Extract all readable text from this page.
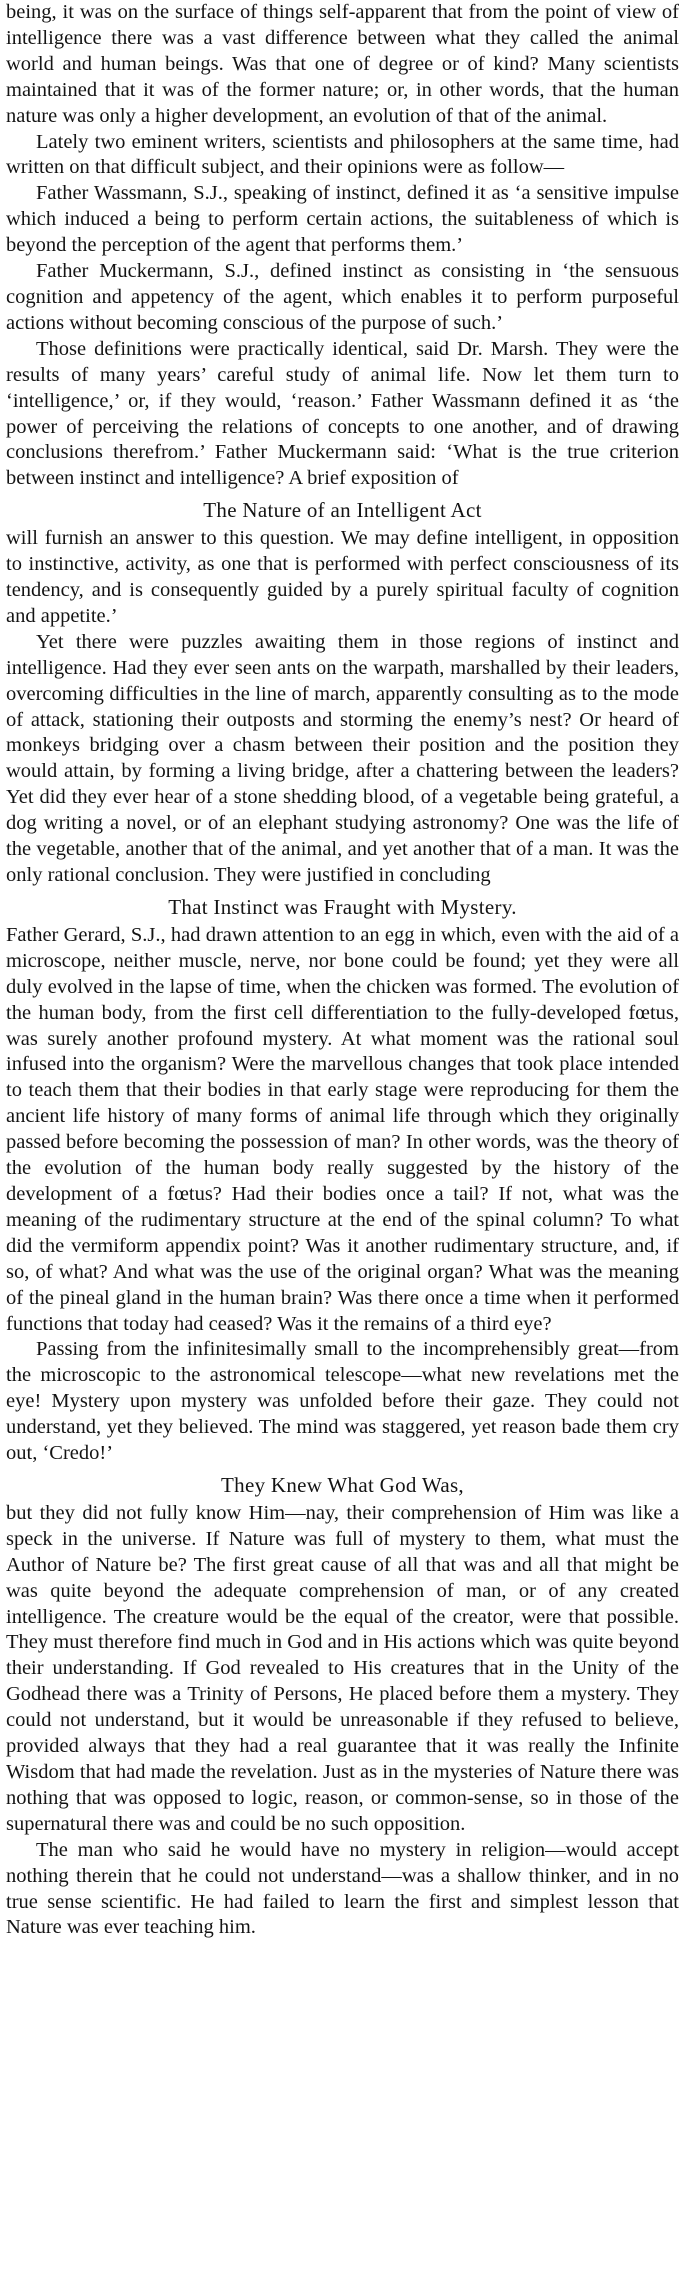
being, it was on the surface of things self-apparent that from the point of view of intelligence there was a vast difference between what they called the animal world and human beings. Was that one of degree or of kind? Many scientists maintained that it was of the former nature; or, in other words, that the human nature was only a higher development, an evolution of that of the animal.

Lately two eminent writers, scientists and philosophers at the same time, had written on that difficult subject, and their opinions were as follow—

Father Wassmann, S.J., speaking of instinct, defined it as ‘a sensitive impulse which induced a being to perform certain actions, the suitableness of which is beyond the perception of the agent that performs them.’

Father Muckermann, S.J., defined instinct as consisting in ‘the sensuous cognition and appetency of the agent, which enables it to perform purposeful actions without becoming conscious of the purpose of such.’

Those definitions were practically identical, said Dr. Marsh. They were the results of many years’ careful study of animal life. Now let them turn to ‘intelligence,’ or, if they would, ‘reason.’ Father Wassmann defined it as ‘the power of perceiving the relations of concepts to one another, and of drawing conclusions therefrom.’ Father Muckermann said: ‘What is the true criterion between instinct and intelligence? A brief exposition of

The Nature of an Intelligent Act

will furnish an answer to this question. We may define intelligent, in opposition to instinctive, activity, as one that is performed with perfect consciousness of its tendency, and is consequently guided by a purely spiritual faculty of cognition and appetite.’

Yet there were puzzles awaiting them in those regions of instinct and intelligence. Had they ever seen ants on the warpath, marshalled by their leaders, overcoming difficulties in the line of march, apparently consulting as to the mode of attack, stationing their outposts and storming the enemy’s nest? Or heard of monkeys bridging over a chasm between their position and the position they would attain, by forming a living bridge, after a chattering between the leaders? Yet did they ever hear of a stone shedding blood, of a vegetable being grateful, a dog writing a novel, or of an elephant studying astronomy? One was the life of the vegetable, another that of the animal, and yet another that of a man. It was the only rational conclusion. They were justified in concluding

That Instinct was Fraught with Mystery.

Father Gerard, S.J., had drawn attention to an egg in which, even with the aid of a microscope, neither muscle, nerve, nor bone could be found; yet they were all duly evolved in the lapse of time, when the chicken was formed. The evolution of the human body, from the first cell differentiation to the fully-developed fœtus, was surely another profound mystery. At what moment was the rational soul infused into the organism? Were the marvellous changes that took place intended to teach them that their bodies in that early stage were reproducing for them the ancient life history of many forms of animal life through which they originally passed before becoming the possession of man? In other words, was the theory of the evolution of the human body really suggested by the history of the development of a fœtus? Had their bodies once a tail? If not, what was the meaning of the rudimentary structure at the end of the spinal column? To what did the vermiform appendix point? Was it another rudimentary structure, and, if so, of what? And what was the use of the original organ? What was the meaning of the pineal gland in the human brain? Was there once a time when it performed functions that today had ceased? Was it the remains of a third eye?

Passing from the infinitesimally small to the incomprehensibly great—from the microscopic to the astronomical telescope—what new revelations met the eye! Mystery upon mystery was unfolded before their gaze. They could not understand, yet they believed. The mind was staggered, yet reason bade them cry out, ‘Credo!’

They Knew What God Was,

but they did not fully know Him—nay, their comprehension of Him was like a speck in the universe. If Nature was full of mystery to them, what must the Author of Nature be? The first great cause of all that was and all that might be was quite beyond the adequate comprehension of man, or of any created intelligence. The creature would be the equal of the creator, were that possible. They must therefore find much in God and in His actions which was quite beyond their understanding. If God revealed to His creatures that in the Unity of the Godhead there was a Trinity of Persons, He placed before them a mystery. They could not understand, but it would be unreasonable if they refused to believe, provided always that they had a real guarantee that it was really the Infinite Wisdom that had made the revelation. Just as in the mysteries of Nature there was nothing that was opposed to logic, reason, or common-sense, so in those of the supernatural there was and could be no such opposition.

The man who said he would have no mystery in religion—would accept nothing therein that he could not understand—was a shallow thinker, and in no true sense scientific. He had failed to learn the first and simplest lesson that Nature was ever teaching him.
